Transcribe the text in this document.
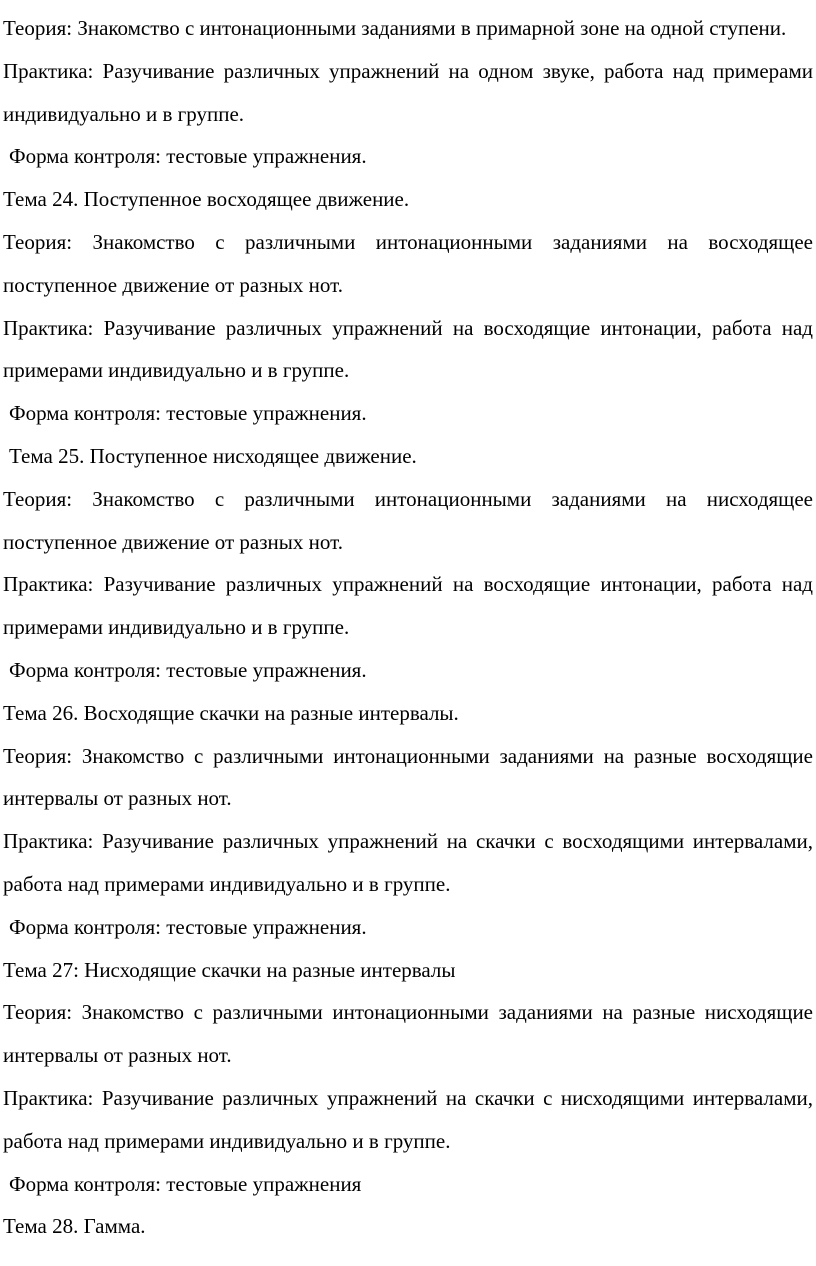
Теория: Знакомство с интонационными заданиями в примарной зоне на одной ступени.

Практика: Разучивание различных упражнений на одном звуке, работа над примерами индивидуально и в группе.

Форма контроля: тестовые упражнения.

Тема 24. Поступенное восходящее движение.

Теория: Знакомство с различными интонационными заданиями на восходящее поступенное движение от разных нот.

Практика: Разучивание различных упражнений на восходящие интонации, работа над примерами индивидуально и в группе.

Форма контроля: тестовые упражнения.

Тема 25. Поступенное нисходящее движение.

Теория: Знакомство с различными интонационными заданиями на нисходящее поступенное движение от разных нот.

Практика: Разучивание различных упражнений на восходящие интонации, работа над примерами индивидуально и в группе.

Форма контроля: тестовые упражнения.

Тема 26. Восходящие скачки на разные интервалы.

Теория: Знакомство с различными интонационными заданиями на разные восходящие интервалы от разных нот.

Практика: Разучивание различных упражнений на скачки с восходящими интервалами, работа над примерами индивидуально и в группе.

Форма контроля: тестовые упражнения.

Тема 27: Нисходящие скачки на разные интервалы

Теория: Знакомство с различными интонационными заданиями на разные нисходящие интервалы от разных нот.

Практика: Разучивание различных упражнений на скачки с нисходящими интервалами, работа над примерами индивидуально и в группе.

Форма контроля: тестовые упражнения

Тема 28. Гамма.
